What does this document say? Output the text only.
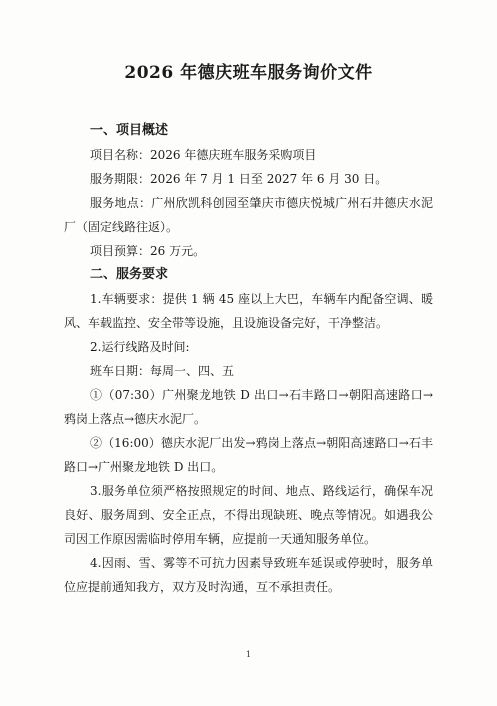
2026 年德庆班车服务询价文件
一、项目概述

项目名称：2026 年德庆班车服务采购项目

服务期限：2026 年 7 月 1 日至 2027 年 6 月 30 日。

服务地点：广州欣凯科创园至肇庆市德庆悦城广州石井德庆水泥厂（固定线路往返）。

项目预算：26 万元。

二、服务要求

1.车辆要求：提供 1 辆 45 座以上大巴，车辆车内配备空调、暖风、车载监控、安全带等设施，且设施设备完好，干净整洁。

2.运行线路及时间:

班车日期：每周一、四、五

①（07:30）广州聚龙地铁 D 出口→石丰路口→朝阳高速路口→鸦岗上落点→德庆水泥厂。

②（16:00）德庆水泥厂出发→鸦岗上落点→朝阳高速路口→石丰路口→广州聚龙地铁 D 出口。

3.服务单位须严格按照规定的时间、地点、路线运行，确保车况良好、服务周到、安全正点，不得出现缺班、晚点等情况。如遇我公司因工作原因需临时停用车辆，应提前一天通知服务单位。

4.因雨、雪、雾等不可抗力因素导致班车延误或停驶时，服务单位应提前通知我方，双方及时沟通，互不承担责任。

1
